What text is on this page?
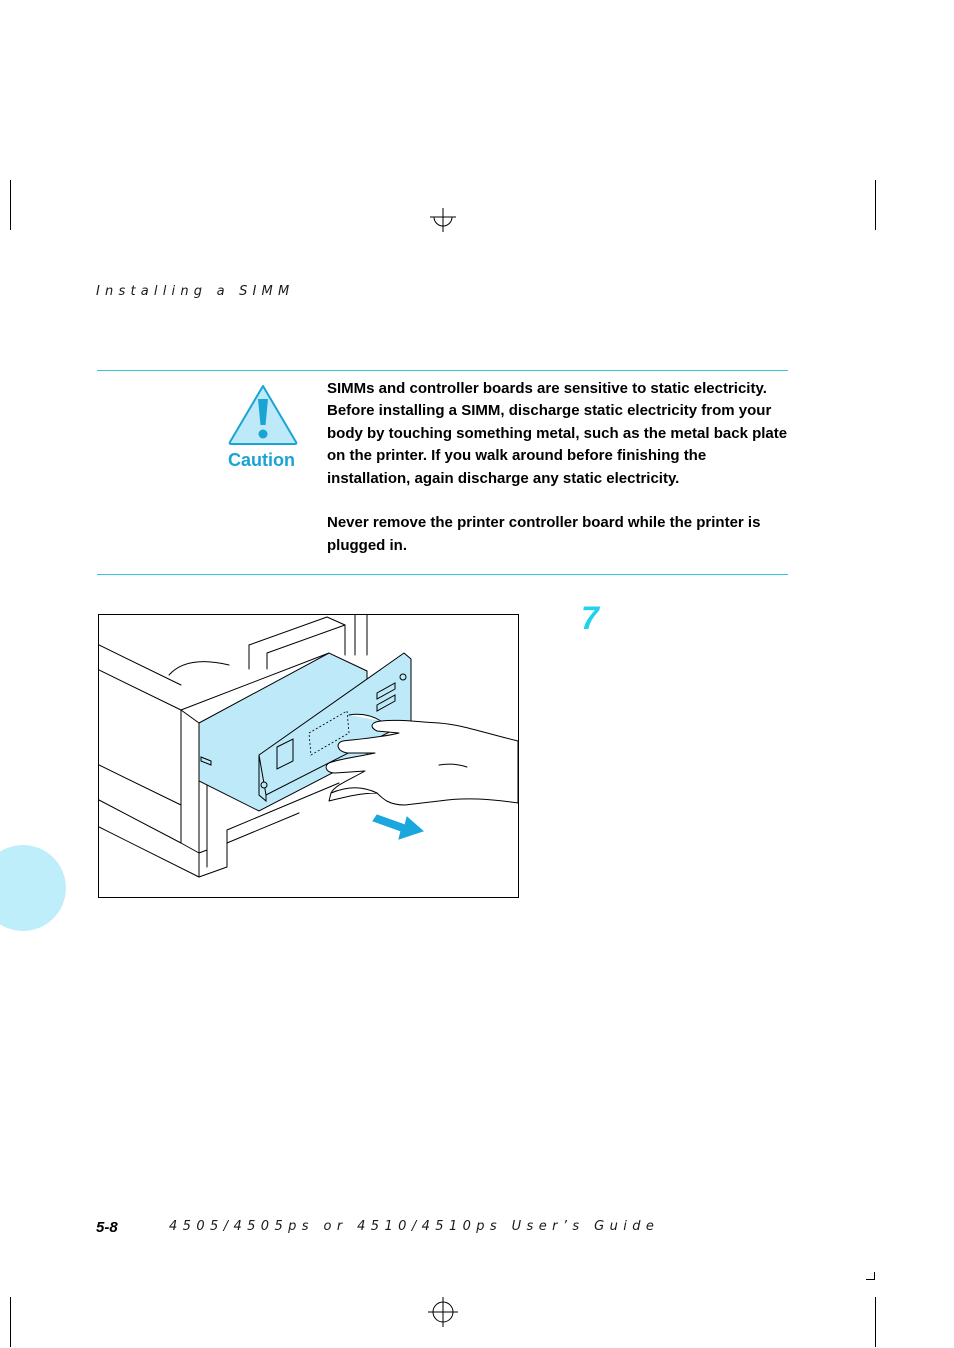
Installing a SIMM
Caution

SIMMs and controller boards are sensitive to static electricity. Before installing a SIMM, discharge static electricity from your body by touching something metal, such as the metal back plate on the printer. If you walk around before finishing the installation, again discharge any static electricity.

Never remove the printer controller board while the printer is plugged in.

7
5-8	4505/4505ps or 4510/4510ps User’s Guide
